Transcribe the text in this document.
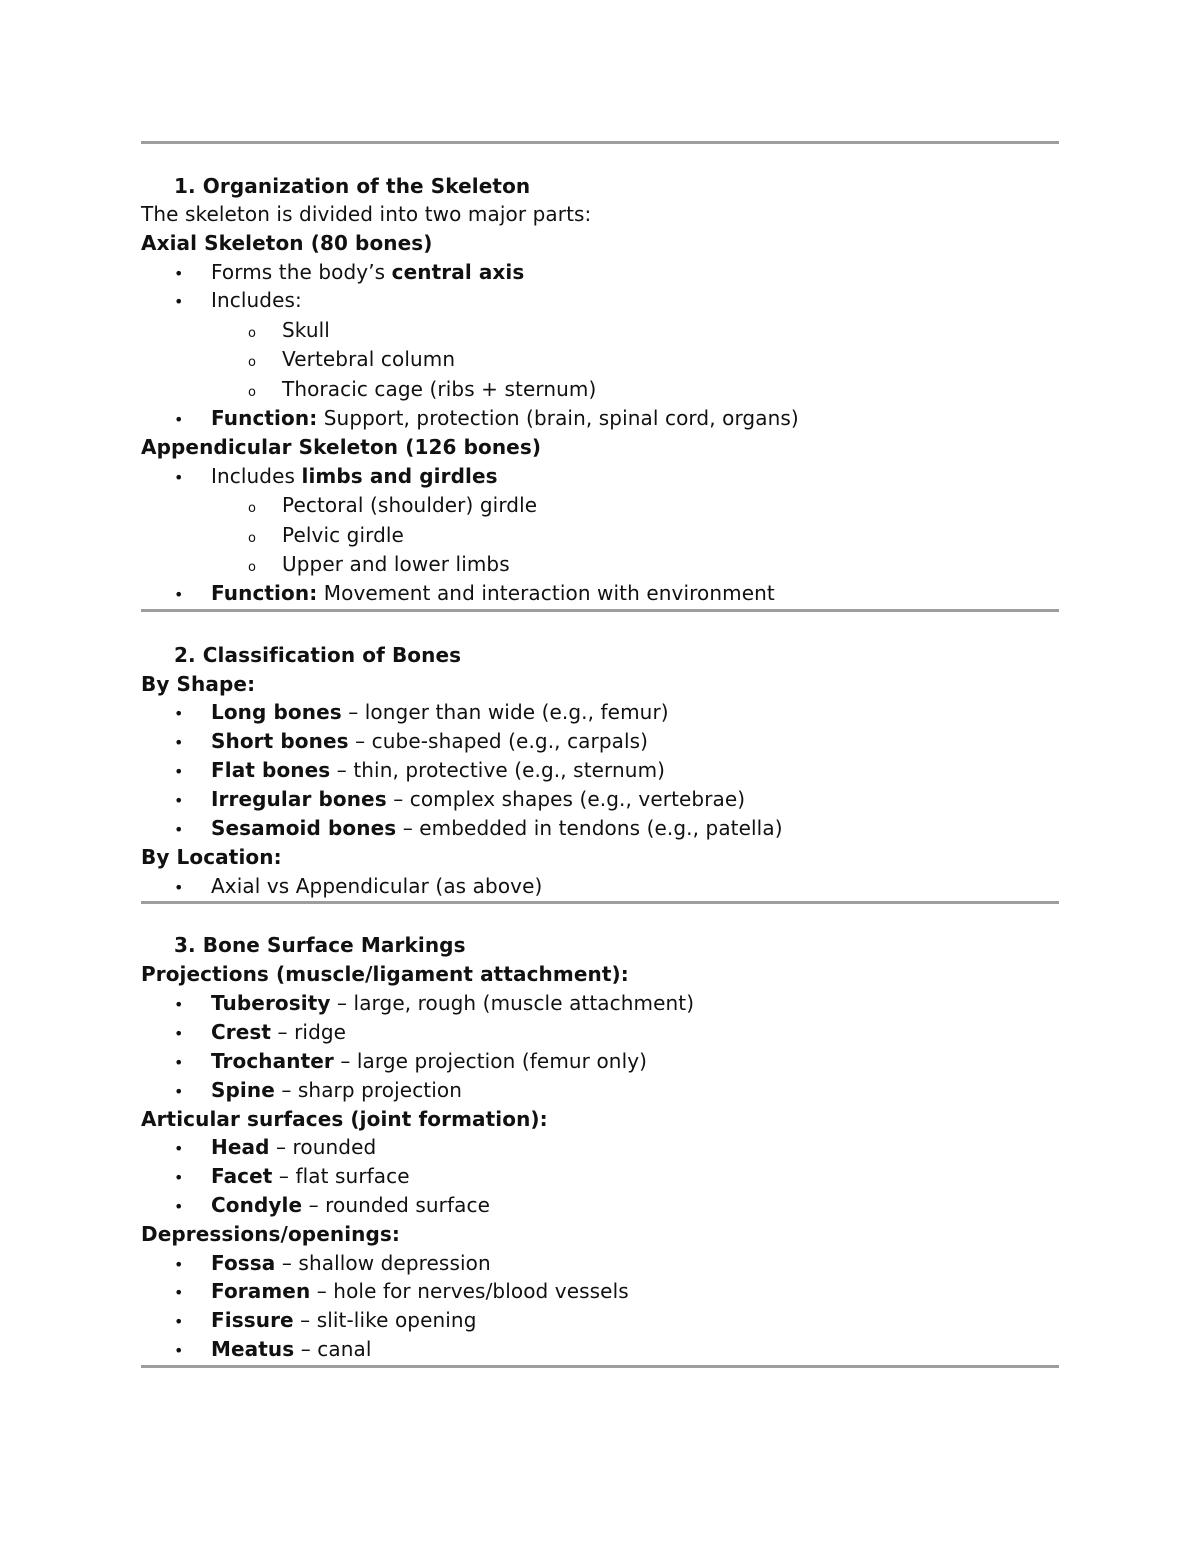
1. Organization of the Skeleton
The skeleton is divided into two major parts:
Axial Skeleton (80 bones)
• Forms the body’s central axis
• Includes:
o Skull
o Vertebral column
o Thoracic cage (ribs + sternum)
• Function: Support, protection (brain, spinal cord, organs)
Appendicular Skeleton (126 bones)
• Includes limbs and girdles
o Pectoral (shoulder) girdle
o Pelvic girdle
o Upper and lower limbs
• Function: Movement and interaction with environment
2. Classification of Bones
By Shape:
• Long bones – longer than wide (e.g., femur)
• Short bones – cube-shaped (e.g., carpals)
• Flat bones – thin, protective (e.g., sternum)
• Irregular bones – complex shapes (e.g., vertebrae)
• Sesamoid bones – embedded in tendons (e.g., patella)
By Location:
• Axial vs Appendicular (as above)
3. Bone Surface Markings
Projections (muscle/ligament attachment):
• Tuberosity – large, rough (muscle attachment)
• Crest – ridge
• Trochanter – large projection (femur only)
• Spine – sharp projection
Articular surfaces (joint formation):
• Head – rounded
• Facet – flat surface
• Condyle – rounded surface
Depressions/openings:
• Fossa – shallow depression
• Foramen – hole for nerves/blood vessels
• Fissure – slit-like opening
• Meatus – canal
